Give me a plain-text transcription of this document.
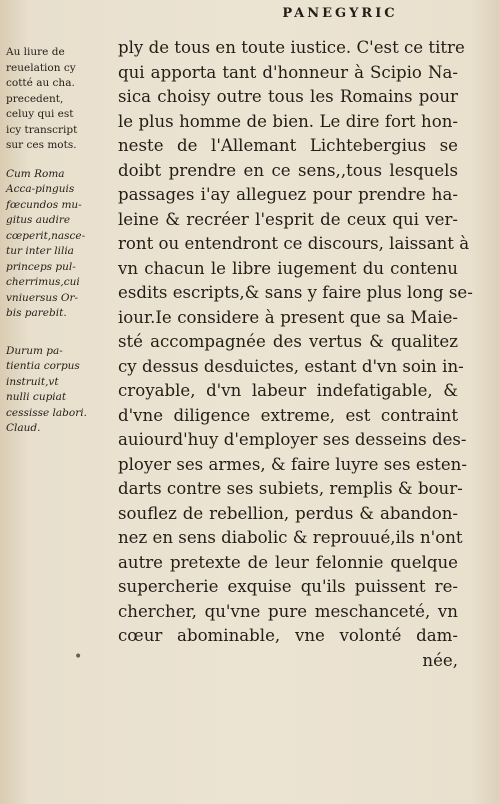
PANEGYRIC
Au liure de
reuelation cy
cotté au cha.
precedent,
celuy qui est
icy transcript
sur ces mots.
Cum Roma
Acca-pinguis
fœcundos mu-
gitus audire
cœperit,nasce-
tur inter lilia
princeps pul-
cherrimus,cui
vniuersus Or-
bis parebit.
Durum pa-
tientia corpus
instruit,vt
nulli cupiat
cessisse labori.
Claud.
ply de tous en toute iustice. C'est ce titre
qui apporta tant d'honneur à Scipio Na-
sica choisy outre tous les Romains pour
le plus homme de bien. Le dire fort hon-
neste de l'Allemant Lichtebergius se
doibt prendre en ce sens,,tous lesquels
passages i'ay alleguez pour prendre ha-
leine & recréer l'esprit de ceux qui ver-
ront ou entendront ce discours, laissant à
vn chacun le libre iugement du contenu
esdits escripts,& sans y faire plus long se-
iour.Ie considere à present que sa Maie-
sté accompagnée des vertus & qualitez
cy dessus desduictes, estant d'vn soin in-
croyable, d'vn labeur indefatigable, &
d'vne diligence extreme, est contraint
auiourd'huy d'employer ses desseins des-
ployer ses armes, & faire luyre ses esten-
darts contre ses subiets, remplis & bour-
souflez de rebellion, perdus & abandon-
nez en sens diabolic & reprouué,ils n'ont
autre pretexte de leur felonnie quelque
supercherie exquise qu'ils puissent re-
chercher, qu'vne pure meschanceté, vn
cœur abominable, vne volonté dam-
née,
•
